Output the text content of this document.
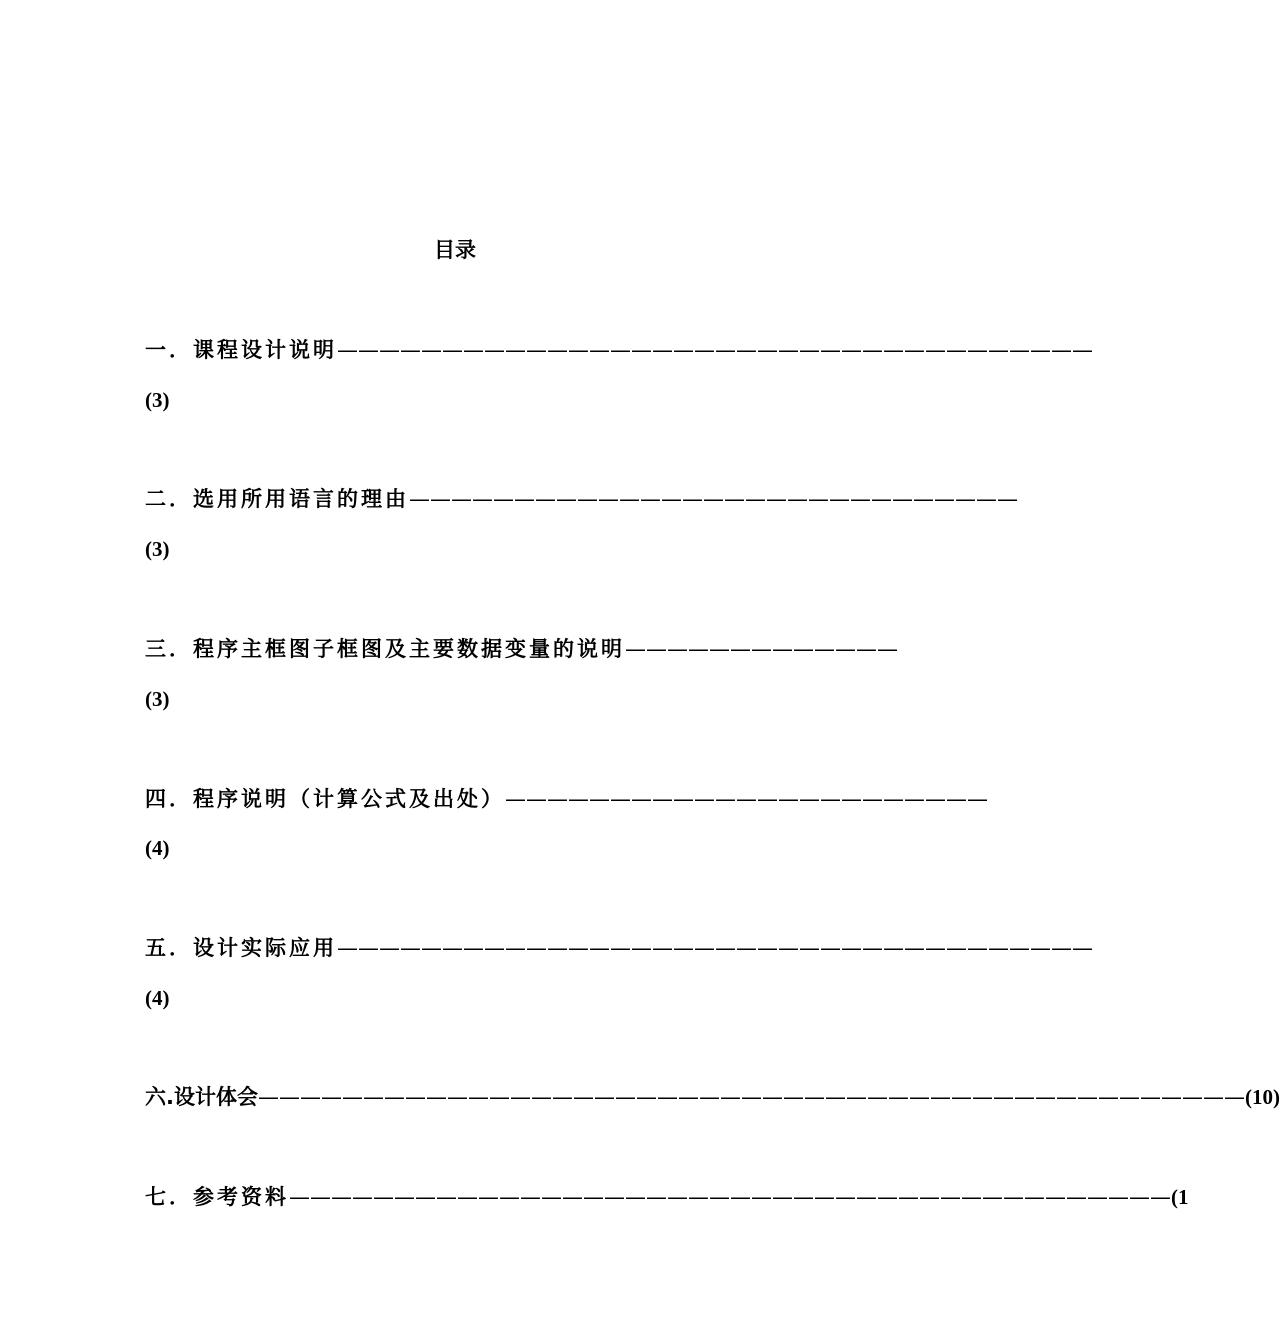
目录
一．课程设计说明————————————————————————————————————
(3)
二．选用所用语言的理由—————————————————————————————
(3)
三．程序主框图子框图及主要数据变量的说明—————————————
(3)
四．程序说明（计算公式及出处）———————————————————————
(4)
五．设计实际应用————————————————————————————————————
(4)
六.设计体会———————————————————————————————————————————————(10)
七．参考资料——————————————————————————————————————————(1
